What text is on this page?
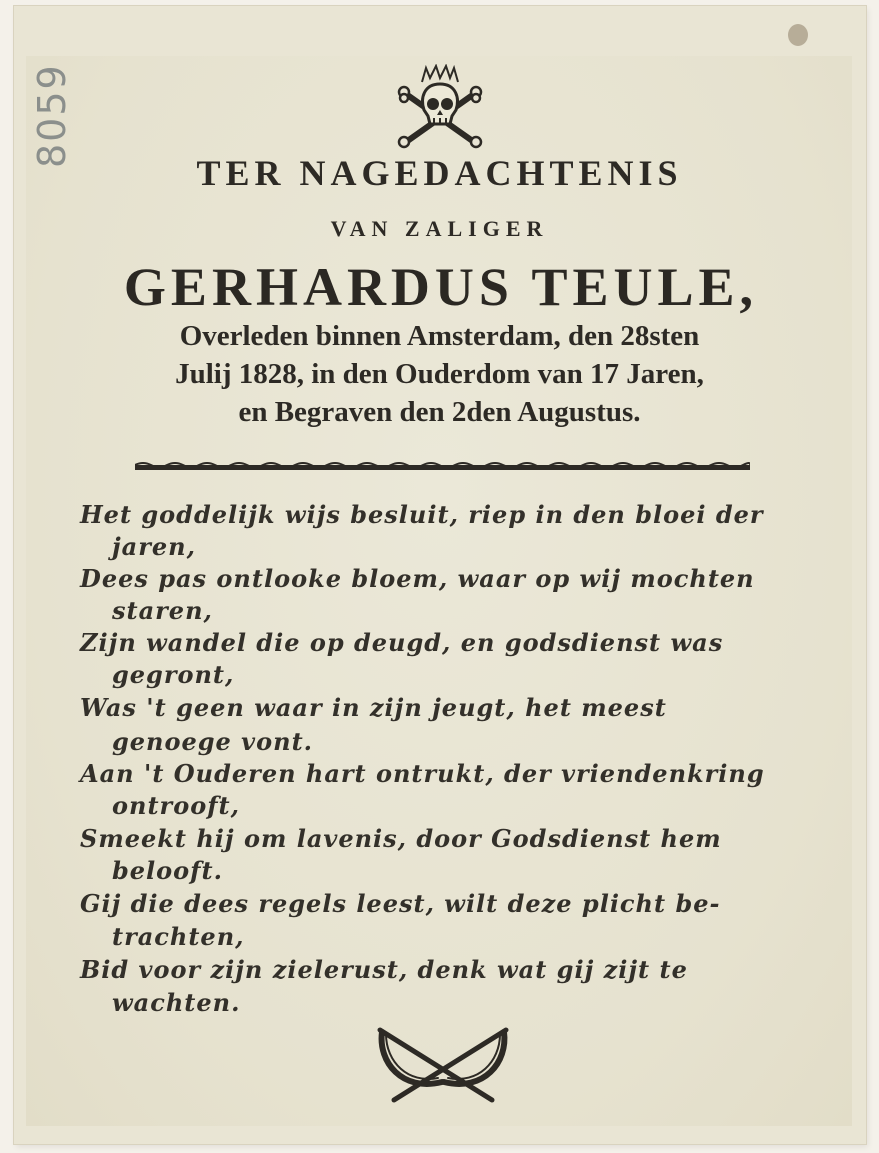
8059
TER NAGEDACHTENIS
VAN ZALIGER
GERHARDUS TEULE,
Overleden binnen Amsterdam, den 28sten
Julij 1828, in den Ouderdom van 17 Jaren,
en Begraven den 2den Augustus.
Het goddelijk wijs besluit, riep in den bloei der
jaren,
Dees pas ontlooke bloem, waar op wij mochten
staren,
Zijn wandel die op deugd, en godsdienst was
gegront,
Was 't geen waar in zijn jeugt, het meest
genoege vont.
Aan 't Ouderen hart ontrukt, der vriendenkring
ontrooft,
Smeekt hij om lavenis, door Godsdienst hem
belooft.
Gij die dees regels leest, wilt deze plicht be-
trachten,
Bid voor zijn zielerust, denk wat gij zijt te
wachten.
